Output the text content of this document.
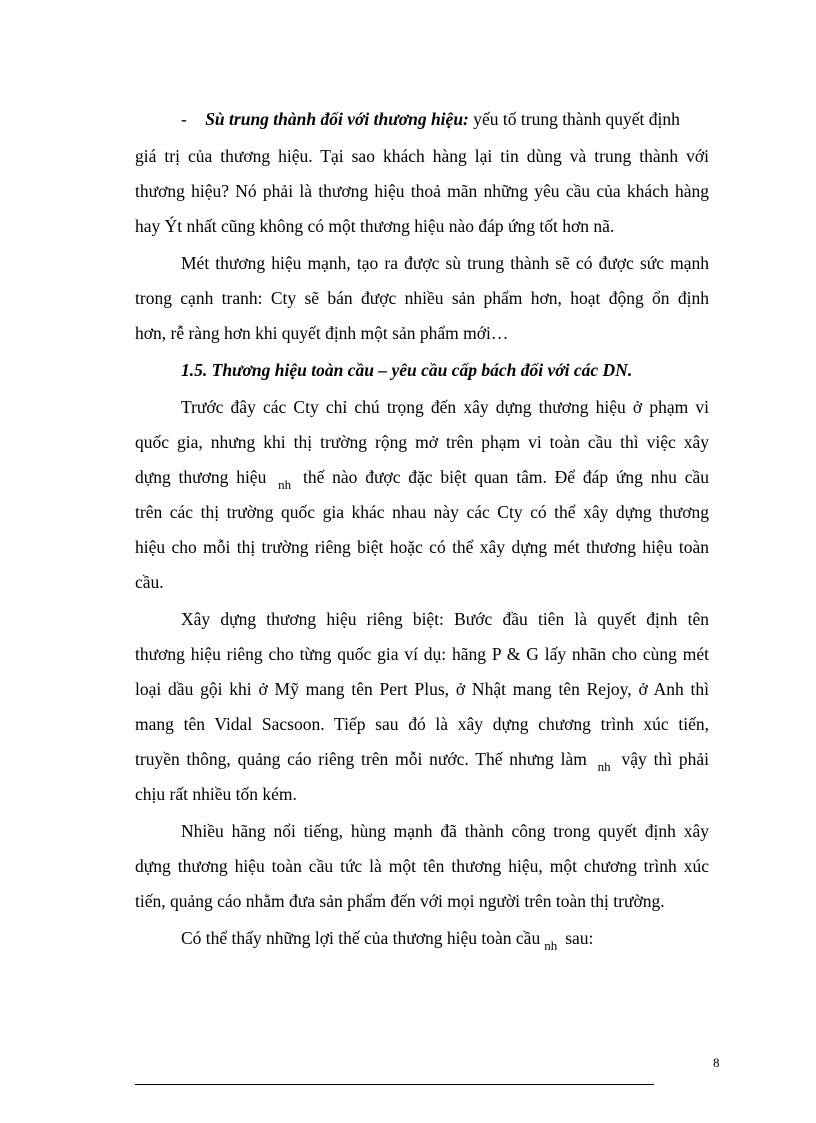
- Sù trung thành đối với thương hiệu: yếu tố trung thành quyết định
giá trị của thương hiệu. Tại sao khách hàng lại tin dùng và trung thành với
thương hiệu? Nó phải là thương hiệu thoả mãn những yêu cầu của khách hàng
hay Ýt nhất cũng không có một thương hiệu nào đáp ứng tốt hơn nã.
Mét thương hiệu mạnh, tạo ra được sù trung thành sẽ có được sức mạnh
trong cạnh tranh: Cty sẽ bán được nhiều sản phẩm hơn, hoạt động ổn định
hơn, rễ ràng hơn khi quyết định một sản phẩm mới…
1.5. Thương hiệu toàn cầu – yêu cầu cấp bách đối với các DN.
Trước đây các Cty chỉ chú trọng đến xây dựng thương hiệu ở phạm vi
quốc gia, nhưng khi thị trường rộng mở trên phạm vi toàn cầu thì việc xây
dựng thương hiệu nh thế nào được đặc biệt quan tâm. Để đáp ứng nhu cầu
trên các thị trường quốc gia khác nhau này các Cty có thể xây dựng thương
hiệu cho mỗi thị trường riêng biệt hoặc có thể xây dựng mét thương hiệu toàn
cầu.
Xây dựng thương hiệu riêng biệt: Bước đầu tiên là quyết định tên
thương hiệu riêng cho từng quốc gia ví dụ: hãng P & G lấy nhãn cho cùng mét
loại dầu gội khi ở Mỹ mang tên Pert Plus, ở Nhật mang tên Rejoy, ở Anh thì
mang tên Vidal Sacsoon. Tiếp sau đó là xây dựng chương trình xúc tiến,
truyền thông, quảng cáo riêng trên mỗi nước. Thế nhưng làm nh vậy thì phải
chịu rất nhiều tốn kém.
Nhiều hãng nổi tiếng, hùng mạnh đã thành công trong quyết định xây
dựng thương hiệu toàn cầu tức là một tên thương hiệu, một chương trình xúc
tiến, quảng cáo nhằm đưa sản phẩm đến với mọi người trên toàn thị trường.
Có thể thấy những lợi thế của thương hiệu toàn cầu nh sau:
8
